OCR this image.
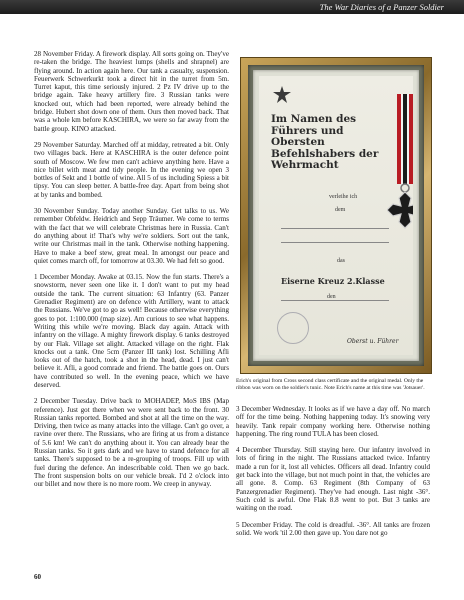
The War Diaries of a Panzer Soldier

28 November Friday. A firework display. All sorts going on. They've re-taken the bridge. The heaviest lumps (shells and shrapnel) are flying around. In action again here. Our tank a casualty, suspension. Feuerwerk Schwerkurkt took a direct hit in the turret from 5m. Turret kaput, this time seriously injured. 2 Pz IV drive up to the bridge again. Take heavy artillery fire. 3 Russian tanks were knocked out, which had been reported, were already behind the bridge. Hubert shot down one of them. Ours then moved back. That was a whole km before KASCHIRA, we were so far away from the battle group. KINO attacked.

29 November Saturday. Marched off at midday, retreated a bit. Only two villages back. Here at KASCHIRA is the outer defence point south of Moscow. We few men can't achieve anything here. Have a nice billet with meat and tidy people. In the evening we open 3 bottles of Sekt and 1 bottle of wine. All 5 of us including Spiess a bit tipsy. You can sleep better. A battle-free day. Apart from being shot at by tanks and bombed.

30 November Sunday. Today another Sunday. Get talks to us. We remember Obfeldw. Heidrich and Sepp Träumer. We come to terms with the fact that we will celebrate Christmas here in Russia. Can't do anything about it! That's why we're soldiers. Sort out the tank, write our Christmas mail in the tank. Otherwise nothing happening. Have to make a beef stew, great meal. In amongst our peace and quiet comes march off, for tomorrow at 03.30. We had felt so good.

1 December Monday. Awake at 03.15. Now the fun starts. There's a snowstorm, never seen one like it. I don't want to put my head outside the tank. The current situation: 63 Infantry (63. Panzer Grenadier Regiment) are on defence with Artillery, want to attack the Russians. We've got to go as well! Because otherwise everything goes to pot. 1:100.000 (map size). Am curious to see what happens. Writing this while we're moving. Black day again. Attack with infantry on the village. A mighty firework display. 6 tanks destroyed by our Flak. Village set alight. Attacked village on the right. Flak knocks out a tank. One 5cm (Panzer III tank) lost. Schilling Afli looks out of the hatch, took a shot in the head, dead. I just can't believe it. Afli, a good comrade and friend. The battle goes on. Ours have contributed so well. In the evening peace, which we have deserved.

2 December Tuesday. Drive back to MOHADEP, MoS IBS (Map reference). Just got there when we were sent back to the front. 30 Russian tanks reported. Bombed and shot at all the time on the way. Driving, then twice as many attacks into the village. Can't go over, a ravine over there. The Russians, who are firing at us from a distance of 5.6 km! We can't do anything about it. You can already hear the Russian tanks. So it gets dark and we have to stand defence for all tanks. There's supposed to be a re-grouping of troops. Fill up with fuel during the defence. An indescribable cold. Then we go back. The front suspension bolts on our vehicle break. I'd 2 o'clock into our billet and now there is no more room. We creep in anyway.

Im Namen des Führers und Obersten Befehlshabers der Wehrmacht
verleihe ich
dem
das
Eiserne Kreuz 2.Klasse
den
Oberst u. Führer
Erich's original from Cross second class certificate and the original medal. Only the ribbon was worn on the soldier's tunic. Note Erich's name at this time was 'Jotsauer'.

3 December Wednesday. It looks as if we have a day off. No march off for the time being. Nothing happening today. It's snowing very heavily. Tank repair company working here. Otherwise nothing happening. The ring round TULA has been closed.

4 December Thursday. Still staying here. Our infantry involved in lots of firing in the night. The Russians attacked twice. Infantry made a run for it, lost all vehicles. Officers all dead. Infantry could get back into the village, but not much point in that, the vehicles are all gone. 8. Comp. 63 Regiment (8th Company of 63 Panzergrenadier Regiment). They've had enough. Last night -36°. Such cold is awful. One Flak 8.8 went to pot. But 3 tanks are waiting on the road.

5 December Friday. The cold is dreadful. -36°. All tanks are frozen solid. We work 'til 2.00 then gave up. You dare not go

60
